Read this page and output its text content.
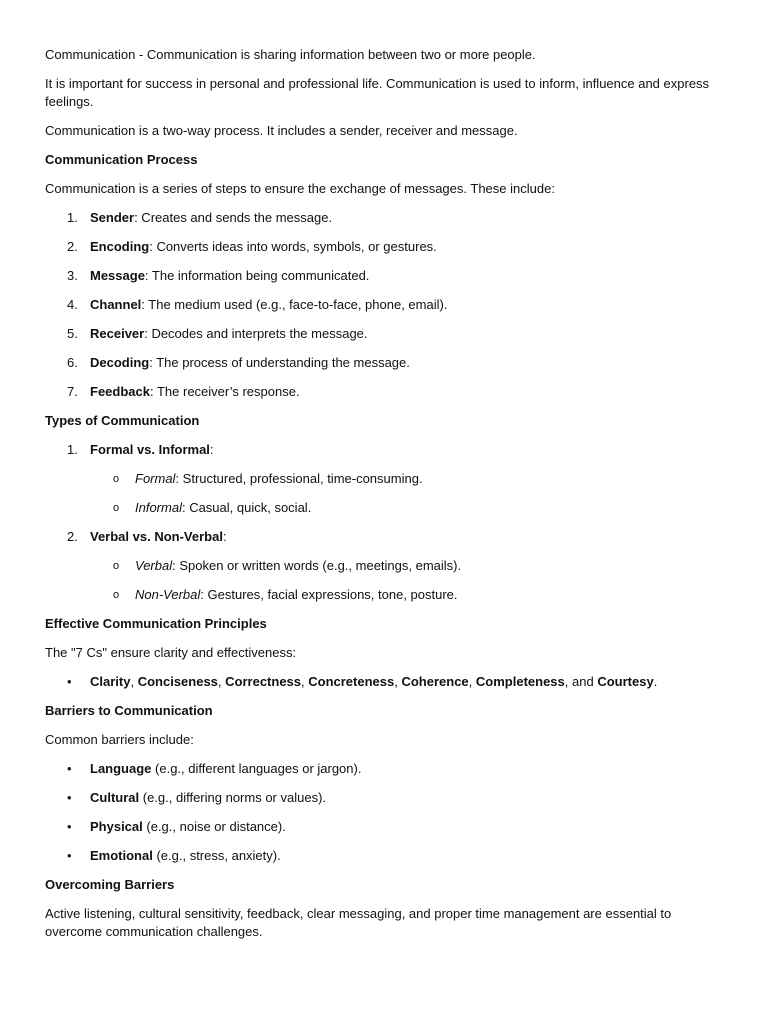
Communication - Communication is sharing information between two or more people.

It is important for success in personal and professional life. Communication is used to inform, influence and express feelings.

Communication is a two-way process. It includes a sender, receiver and message.

Communication Process

Communication is a series of steps to ensure the exchange of messages. These include:

1. Sender: Creates and sends the message.
2. Encoding: Converts ideas into words, symbols, or gestures.
3. Message: The information being communicated.
4. Channel: The medium used (e.g., face-to-face, phone, email).
5. Receiver: Decodes and interprets the message.
6. Decoding: The process of understanding the message.
7. Feedback: The receiver’s response.
Types of Communication
1. Formal vs. Informal:
o Formal: Structured, professional, time-consuming.
o Informal: Casual, quick, social.
2. Verbal vs. Non-Verbal:
o Verbal: Spoken or written words (e.g., meetings, emails).
o Non-Verbal: Gestures, facial expressions, tone, posture.
Effective Communication Principles

The "7 Cs" ensure clarity and effectiveness:

• Clarity, Conciseness, Correctness, Concreteness, Coherence, Completeness, and Courtesy.
Barriers to Communication

Common barriers include:

• Language (e.g., different languages or jargon).
• Cultural (e.g., differing norms or values).
• Physical (e.g., noise or distance).
• Emotional (e.g., stress, anxiety).
Overcoming Barriers

Active listening, cultural sensitivity, feedback, clear messaging, and proper time management are essential to overcome communication challenges.
